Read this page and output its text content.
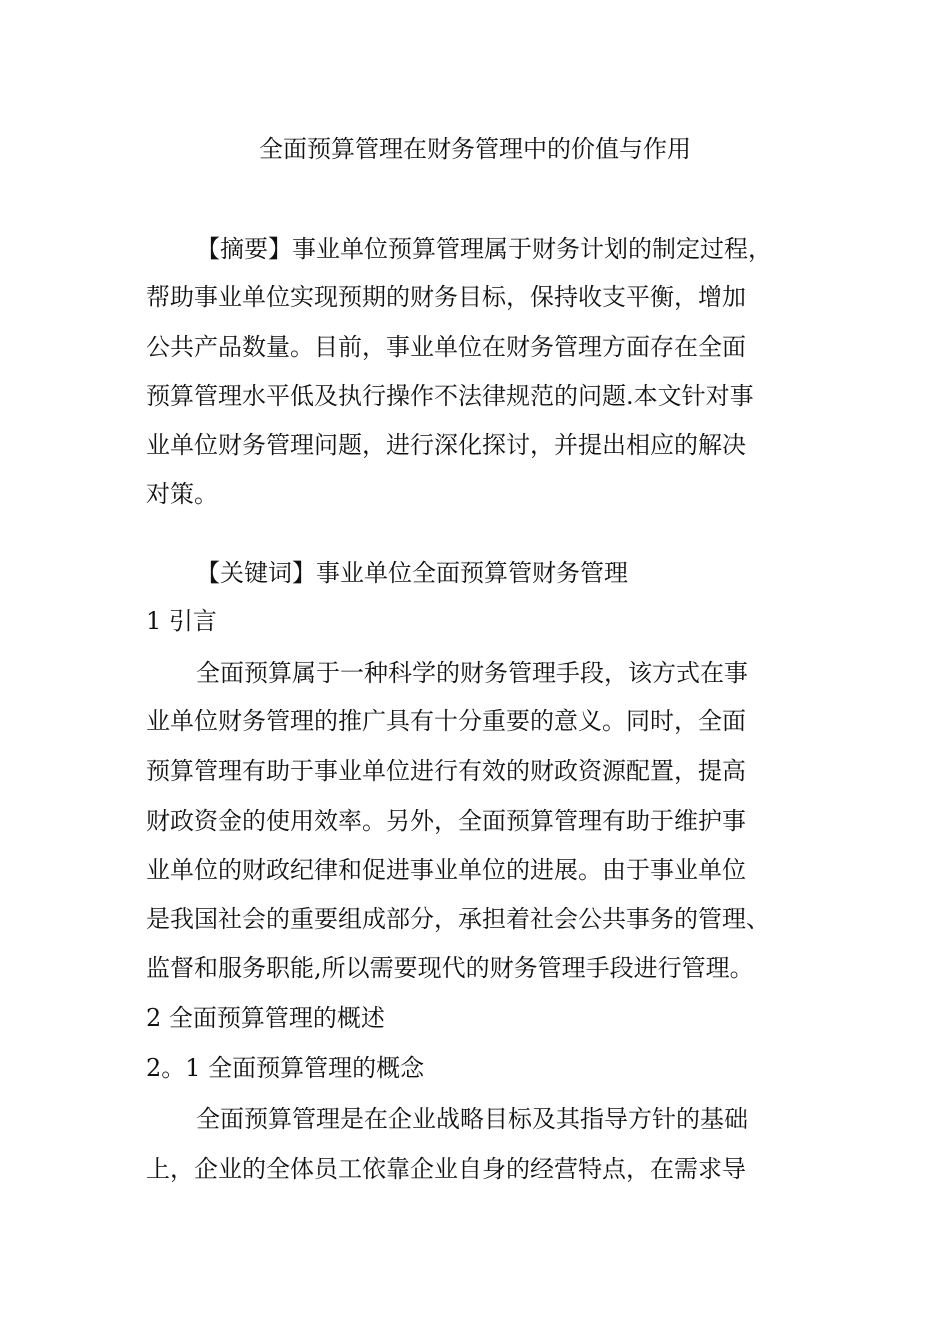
全面预算管理在财务管理中的价值与作用
【摘要】事业单位预算管理属于财务计划的制定过程，
帮助事业单位实现预期的财务目标，保持收支平衡，增加
公共产品数量。目前，事业单位在财务管理方面存在全面
预算管理水平低及执行操作不法律规范的问题.本文针对事
业单位财务管理问题，进行深化探讨，并提出相应的解决
对策。
【关键词】事业单位全面预算管财务管理
1 引言
全面预算属于一种科学的财务管理手段，该方式在事
业单位财务管理的推广具有十分重要的意义。同时，全面
预算管理有助于事业单位进行有效的财政资源配置，提高
财政资金的使用效率。另外，全面预算管理有助于维护事
业单位的财政纪律和促进事业单位的进展。由于事业单位
是我国社会的重要组成部分，承担着社会公共事务的管理、
监督和服务职能,所以需要现代的财务管理手段进行管理。
2 全面预算管理的概述
2。1 全面预算管理的概念
全面预算管理是在企业战略目标及其指导方针的基础
上，企业的全体员工依靠企业自身的经营特点，在需求导
